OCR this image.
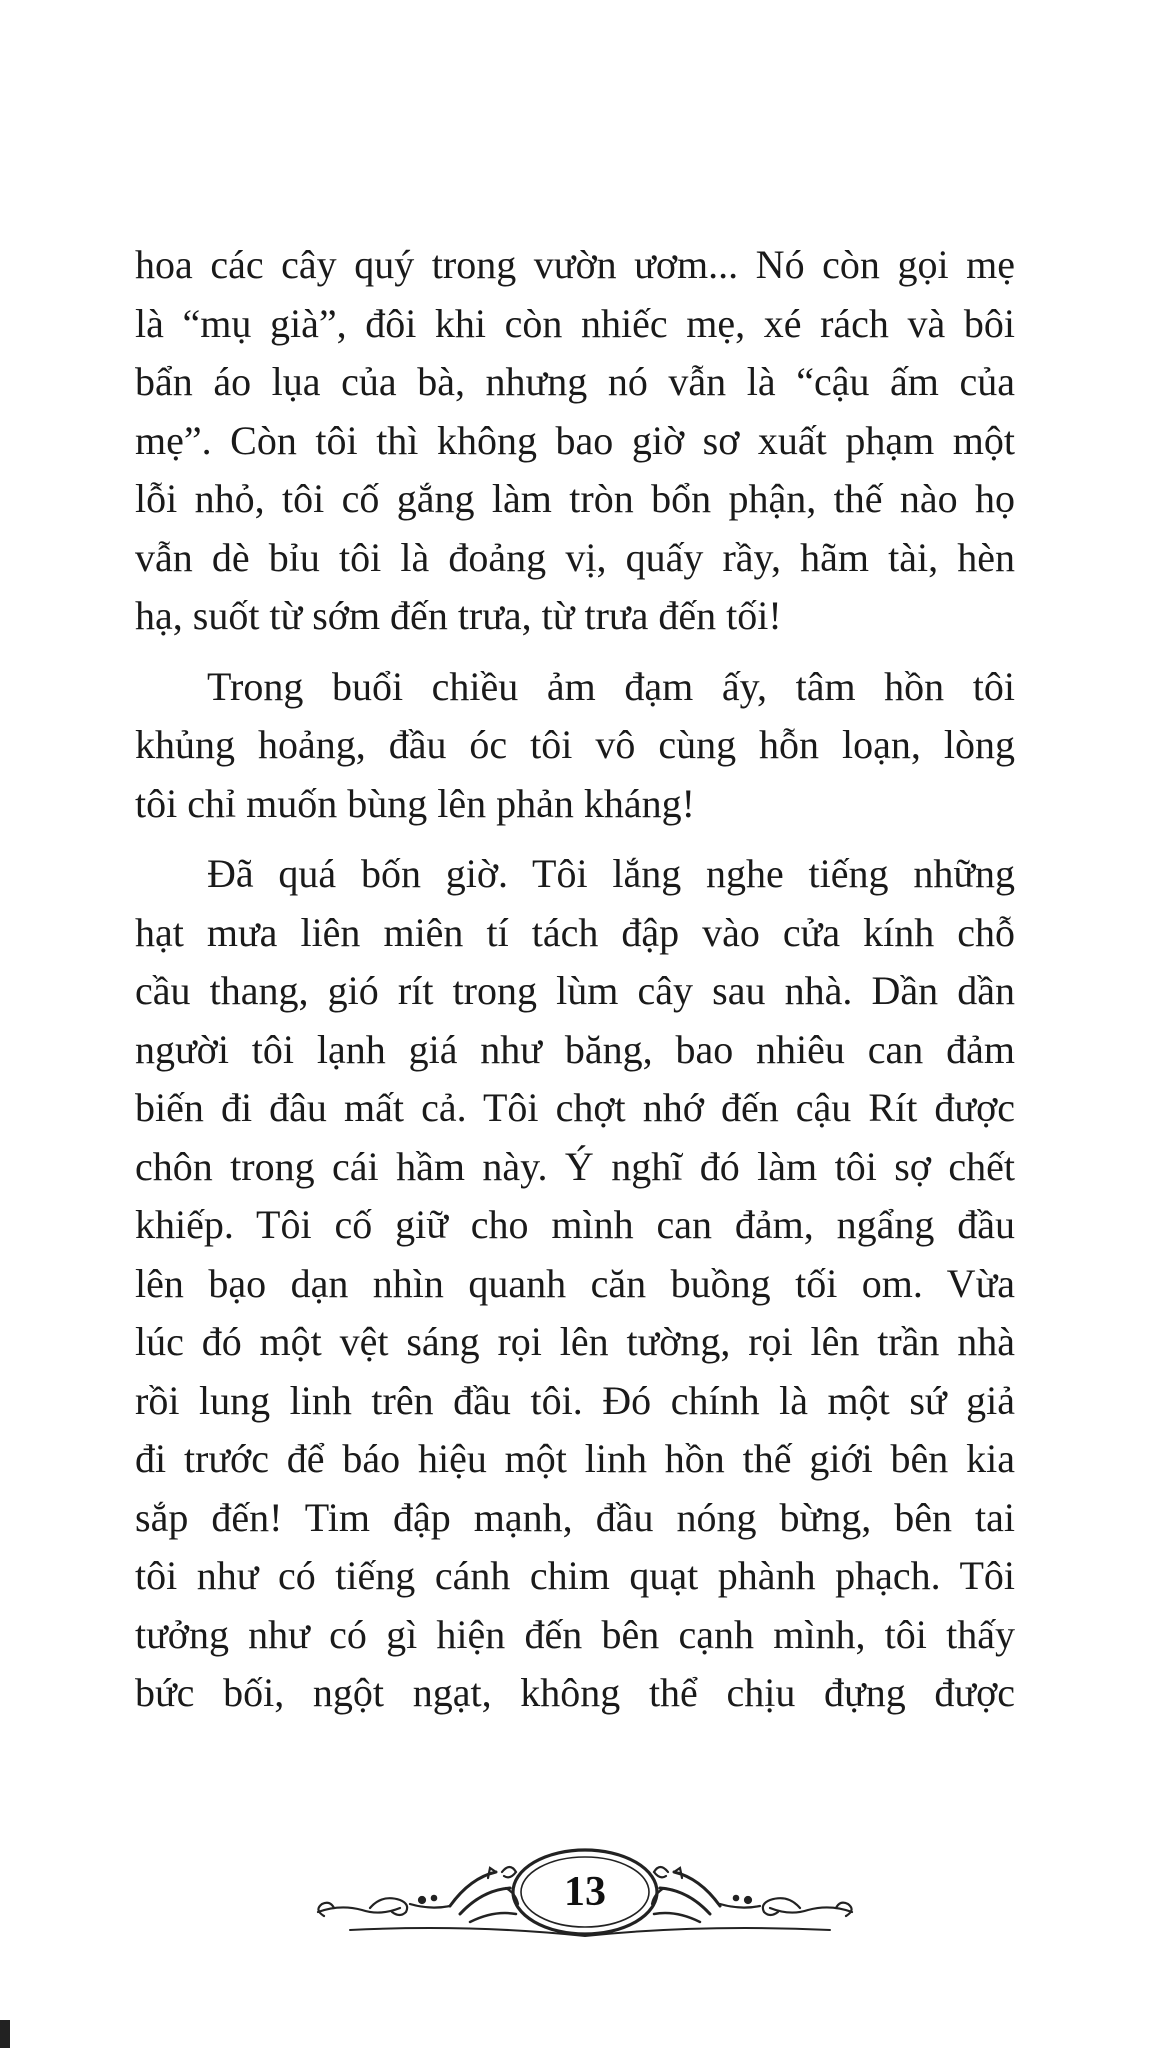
hoa các cây quý trong vườn ươm... Nó còn gọi mẹ
là “mụ già”, đôi khi còn nhiếc mẹ, xé rách và bôi
bẩn áo lụa của bà, nhưng nó vẫn là “cậu ấm của
mẹ”. Còn tôi thì không bao giờ sơ xuất phạm một
lỗi nhỏ, tôi cố gắng làm tròn bổn phận, thế nào họ
vẫn dè bỉu tôi là đoảng vị, quấy rầy, hãm tài, hèn
hạ, suốt từ sớm đến trưa, từ trưa đến tối!
Trong buổi chiều ảm đạm ấy, tâm hồn tôi
khủng hoảng, đầu óc tôi vô cùng hỗn loạn, lòng
tôi chỉ muốn bùng lên phản kháng!
Đã quá bốn giờ. Tôi lắng nghe tiếng những
hạt mưa liên miên tí tách đập vào cửa kính chỗ
cầu thang, gió rít trong lùm cây sau nhà. Dần dần
người tôi lạnh giá như băng, bao nhiêu can đảm
biến đi đâu mất cả. Tôi chợt nhớ đến cậu Rít được
chôn trong cái hầm này. Ý nghĩ đó làm tôi sợ chết
khiếp. Tôi cố giữ cho mình can đảm, ngẩng đầu
lên bạo dạn nhìn quanh căn buồng tối om. Vừa
lúc đó một vệt sáng rọi lên tường, rọi lên trần nhà
rồi lung linh trên đầu tôi. Đó chính là một sứ giả
đi trước để báo hiệu một linh hồn thế giới bên kia
sắp đến! Tim đập mạnh, đầu nóng bừng, bên tai
tôi như có tiếng cánh chim quạt phành phạch. Tôi
tưởng như có gì hiện đến bên cạnh mình, tôi thấy
bức bối, ngột ngạt, không thể chịu đựng được
13
